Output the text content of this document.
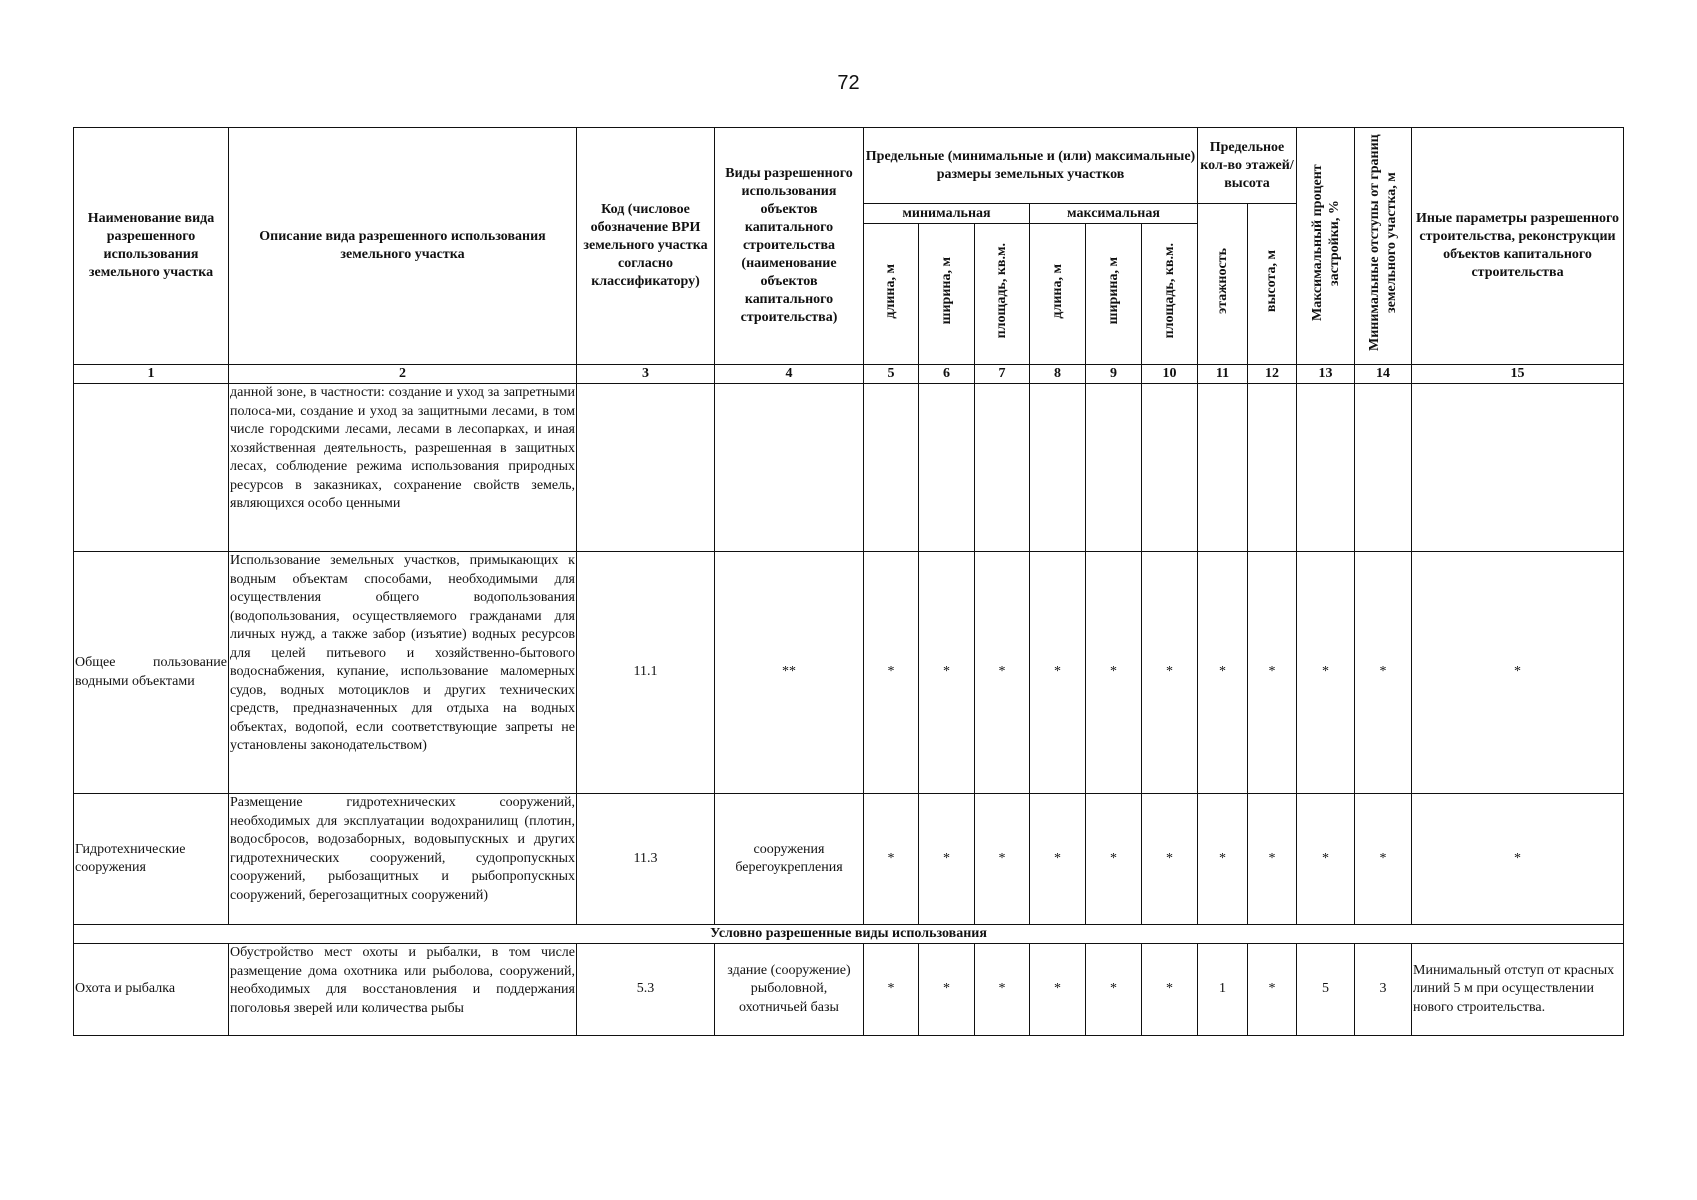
72
Наименование вида разрешенного использования земельного участка	Описание вида разрешенного использования земельного участка	Код (числовое обозначение ВРИ земельного участка согласно классификатору)	Виды разрешенного использования объектов капитального строительства (наименование объектов капитального строительства)	Предельные (минимальные и (или) максимальные) размеры земельных участков						Предельное кол-во этажей/ высота		Максимальный процент застройки, %	Минимальные отступы от границ земельного участка, м	Иные параметры разрешенного строительства, реконструкции объектов капитального строительства
				минимальная			максимальная			этажность	высота, м			
				длина, м	ширина, м	площадь, кв.м.	длина, м	ширина, м	площадь, кв.м.					
1	2	3	4	5	6	7	8	9	10	11	12	13	14	15
	данной зоне, в частности: создание и уход за запретными полоса-ми, создание и уход за защитными лесами, в том числе городскими лесами, лесами в лесопарках, и иная хозяйственная деятельность, разрешенная в защитных лесах, соблюдение режима использования природных ресурсов в заказниках, сохранение свойств земель, являющихся особо ценными													
Общее пользование водными объектами	Использование земельных участков, примыкающих к водным объектам способами, необходимыми для осуществления общего водопользования (водопользования, осуществляемого гражданами для личных нужд, а также забор (изъятие) водных ресурсов для целей питьевого и хозяйственно-бытового водоснабжения, купание, использование маломерных судов, водных мотоциклов и других технических средств, предназначенных для отдыха на водных объектах, водопой, если соответствующие запреты не установлены законодательством)	11.1	**	*	*	*	*	*	*	*	*	*	*	*
Гидротехнические сооружения	Размещение гидротехнических сооружений, необходимых для эксплуатации водохранилищ (плотин, водосбросов, водозаборных, водовыпускных и других гидротехнических сооружений, судопропускных сооружений, рыбозащитных и рыбопропускных сооружений, берегозащитных сооружений)	11.3	сооружения берегоукрепления	*	*	*	*	*	*	*	*	*	*	*
Условно разрешенные виды использования														
Охота и рыбалка	Обустройство мест охоты и рыбалки, в том числе размещение дома охотника или рыболова, сооружений, необходимых для восстановления и поддержания поголовья зверей или количества рыбы	5.3	здание (сооружение) рыболовной, охотничьей базы	*	*	*	*	*	*	1	*	5	3	Минимальный отступ от красных линий 5 м при осуществлении нового строительства.
